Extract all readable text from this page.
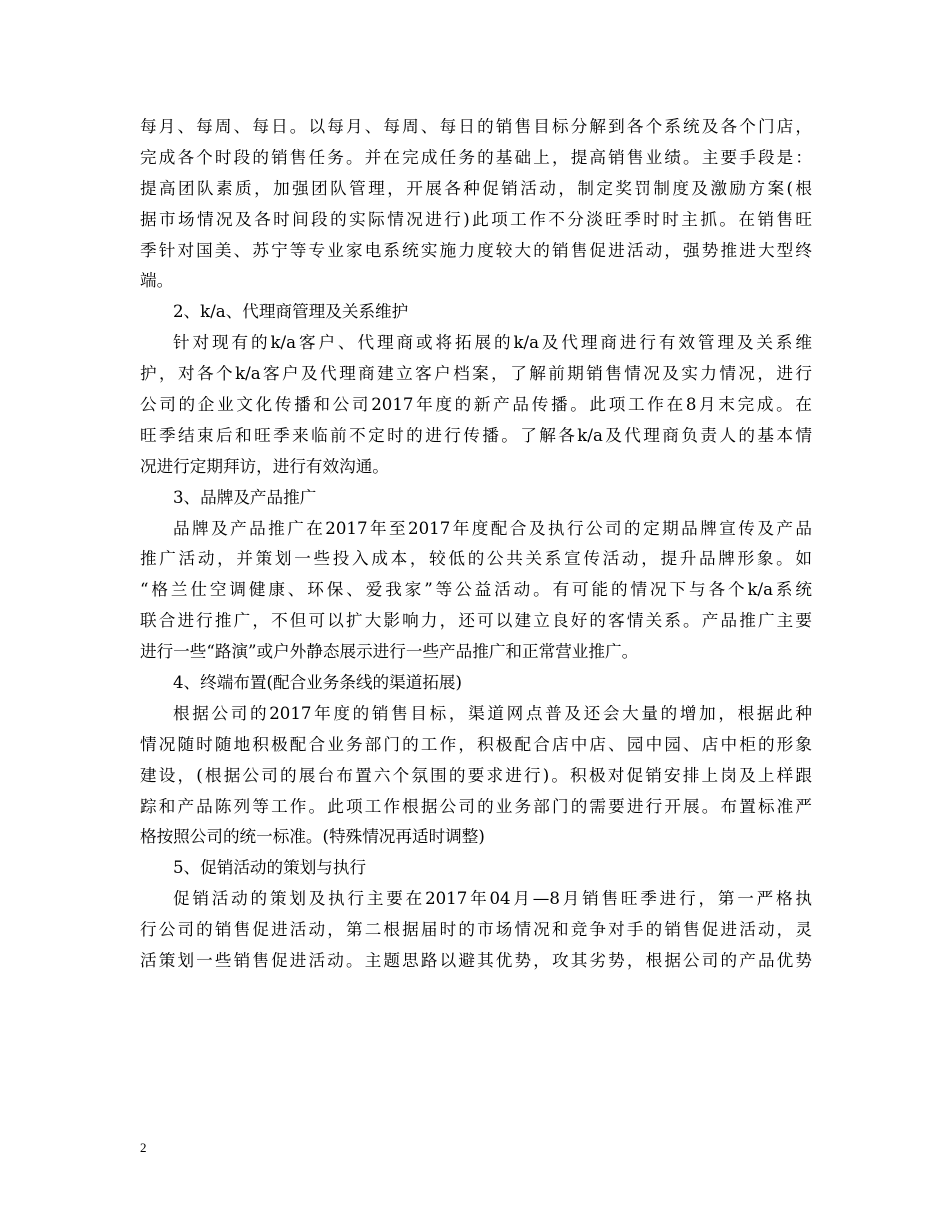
每月、每周、每日。以每月、每周、每日的销售目标分解到各个系统及各个门店，
完成各个时段的销售任务。并在完成任务的基础上，提高销售业绩。主要手段是：
提高团队素质，加强团队管理，开展各种促销活动，制定奖罚制度及激励方案(根
据市场情况及各时间段的实际情况进行)此项工作不分淡旺季时时主抓。在销售旺
季针对国美、苏宁等专业家电系统实施力度较大的销售促进活动，强势推进大型终
端。
2、k/a、代理商管理及关系维护
针对现有的k/a客户、代理商或将拓展的k/a及代理商进行有效管理及关系维
护，对各个k/a客户及代理商建立客户档案，了解前期销售情况及实力情况，进行
公司的企业文化传播和公司2017年度的新产品传播。此项工作在8月末完成。在
旺季结束后和旺季来临前不定时的进行传播。了解各k/a及代理商负责人的基本情
况进行定期拜访，进行有效沟通。
3、品牌及产品推广
品牌及产品推广在2017年至2017年度配合及执行公司的定期品牌宣传及产品
推广活动，并策划一些投入成本，较低的公共关系宣传活动，提升品牌形象。如
“格兰仕空调健康、环保、爱我家”等公益活动。有可能的情况下与各个k/a系统
联合进行推广，不但可以扩大影响力，还可以建立良好的客情关系。产品推广主要
进行一些“路演”或户外静态展示进行一些产品推广和正常营业推广。
4、终端布置(配合业务条线的渠道拓展)
根据公司的2017年度的销售目标，渠道网点普及还会大量的增加，根据此种
情况随时随地积极配合业务部门的工作，积极配合店中店、园中园、店中柜的形象
建设，(根据公司的展台布置六个氛围的要求进行)。积极对促销安排上岗及上样跟
踪和产品陈列等工作。此项工作根据公司的业务部门的需要进行开展。布置标准严
格按照公司的统一标准。(特殊情况再适时调整)
5、促销活动的策划与执行
促销活动的策划及执行主要在2017年04月—8月销售旺季进行，第一严格执
行公司的销售促进活动，第二根据届时的市场情况和竞争对手的销售促进活动，灵
活策划一些销售促进活动。主题思路以避其优势，攻其劣势，根据公司的产品优势
2
